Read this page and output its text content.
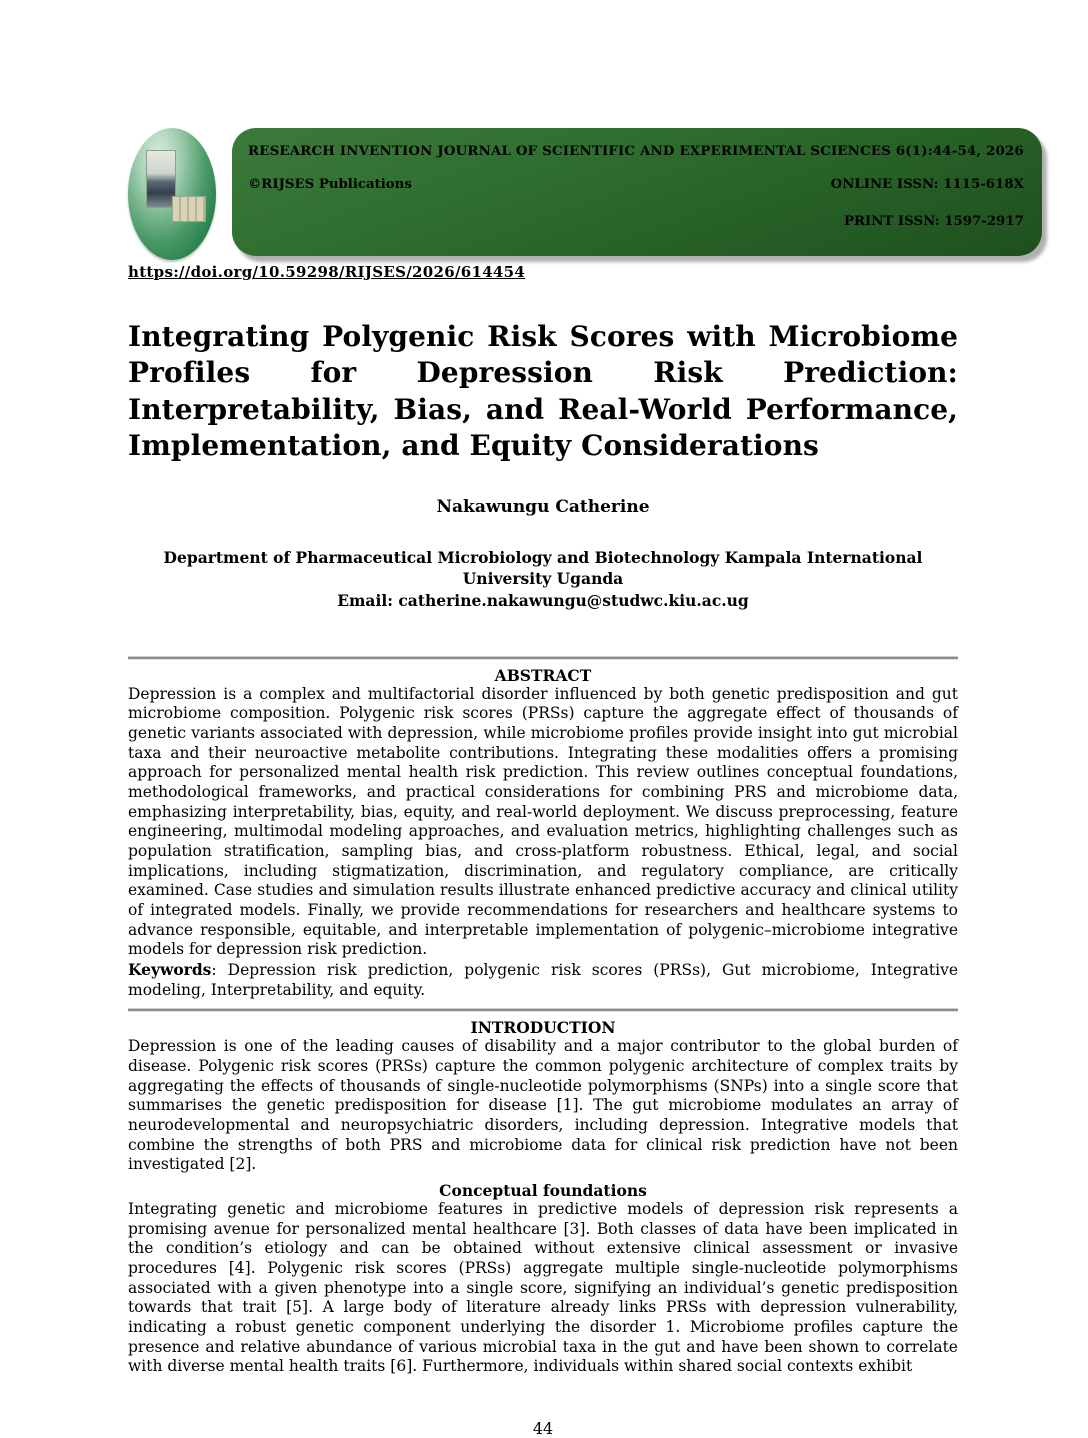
RESEARCH INVENTION JOURNAL OF SCIENTIFIC AND EXPERIMENTAL SCIENCES 6(1):44-54, 2026
©RIJSES Publications	ONLINE ISSN: 1115-618X
PRINT ISSN: 1597-2917
https://doi.org/10.59298/RIJSES/2026/614454
Integrating Polygenic Risk Scores with Microbiome Profiles for Depression Risk Prediction: Interpretability, Bias, and Real-World Performance, Implementation, and Equity Considerations
Nakawungu Catherine
Department of Pharmaceutical Microbiology and Biotechnology Kampala International University Uganda
Email: catherine.nakawungu@studwc.kiu.ac.ug
ABSTRACT
Depression is a complex and multifactorial disorder influenced by both genetic predisposition and gut microbiome composition. Polygenic risk scores (PRSs) capture the aggregate effect of thousands of genetic variants associated with depression, while microbiome profiles provide insight into gut microbial taxa and their neuroactive metabolite contributions. Integrating these modalities offers a promising approach for personalized mental health risk prediction. This review outlines conceptual foundations, methodological frameworks, and practical considerations for combining PRS and microbiome data, emphasizing interpretability, bias, equity, and real-world deployment. We discuss preprocessing, feature engineering, multimodal modeling approaches, and evaluation metrics, highlighting challenges such as population stratification, sampling bias, and cross-platform robustness. Ethical, legal, and social implications, including stigmatization, discrimination, and regulatory compliance, are critically examined. Case studies and simulation results illustrate enhanced predictive accuracy and clinical utility of integrated models. Finally, we provide recommendations for researchers and healthcare systems to advance responsible, equitable, and interpretable implementation of polygenic–microbiome integrative models for depression risk prediction.
Keywords: Depression risk prediction, polygenic risk scores (PRSs), Gut microbiome, Integrative modeling, Interpretability, and equity.
INTRODUCTION
Depression is one of the leading causes of disability and a major contributor to the global burden of disease. Polygenic risk scores (PRSs) capture the common polygenic architecture of complex traits by aggregating the effects of thousands of single-nucleotide polymorphisms (SNPs) into a single score that summarises the genetic predisposition for disease [1]. The gut microbiome modulates an array of neurodevelopmental and neuropsychiatric disorders, including depression. Integrative models that combine the strengths of both PRS and microbiome data for clinical risk prediction have not been investigated [2].
Conceptual foundations
Integrating genetic and microbiome features in predictive models of depression risk represents a promising avenue for personalized mental healthcare [3]. Both classes of data have been implicated in the condition’s etiology and can be obtained without extensive clinical assessment or invasive procedures [4]. Polygenic risk scores (PRSs) aggregate multiple single-nucleotide polymorphisms associated with a given phenotype into a single score, signifying an individual’s genetic predisposition towards that trait [5]. A large body of literature already links PRSs with depression vulnerability, indicating a robust genetic component underlying the disorder 1. Microbiome profiles capture the presence and relative abundance of various microbial taxa in the gut and have been shown to correlate with diverse mental health traits [6]. Furthermore, individuals within shared social contexts exhibit
44
